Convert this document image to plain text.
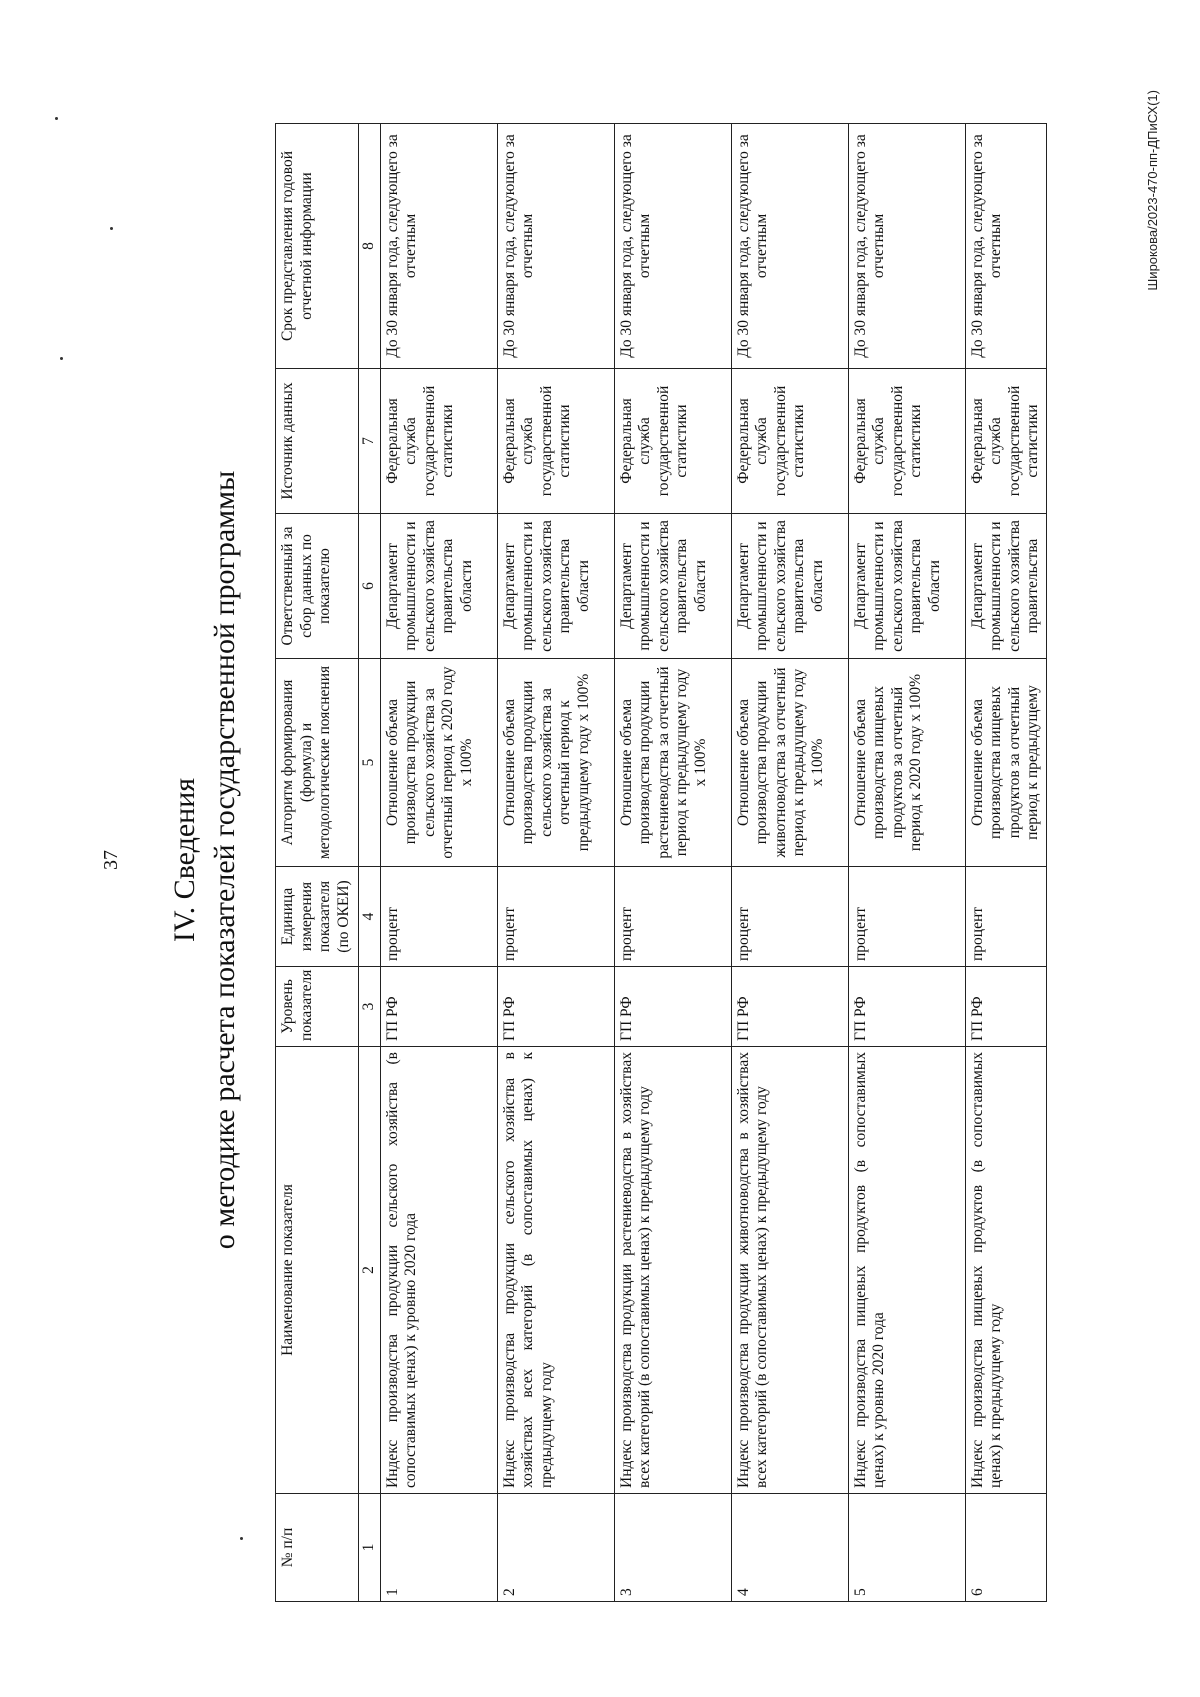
37 IV. Сведения о методике расчета показателей государственной программы
№ п/п	Наименование показателя	Уровень показателя	Единица измерения показателя (по ОКЕИ)	Алгоритм формирования (формула) и методологические пояснения	Ответственный за сбор данных по показателю	Источник данных	Срок представления годовой отчетной информации
1	2	3	4	5	6	7	8
1	Индекс производства продукции сельского хозяйства (в сопоставимых ценах) к уровню 2020 года	ГП РФ	процент	Отношение объема производства продукции сельского хозяйства за отчетный период к 2020 году х 100%	Департамент промышленности и сельского хозяйства правительства области	Федеральная служба государственной статистики	До 30 января года, следующего за отчетным
2	Индекс производства продукции сельского хозяйства в хозяйствах всех категорий (в сопоставимых ценах) к предыдущему году	ГП РФ	процент	Отношение объема производства продукции сельского хозяйства за отчетный период к предыдущему году х 100%	Департамент промышленности и сельского хозяйства правительства области	Федеральная служба государственной статистики	До 30 января года, следующего за отчетным
3	Индекс производства продукции растениеводства в хозяйствах всех категорий (в сопоставимых ценах) к предыдущему году	ГП РФ	процент	Отношение объема производства продукции растениеводства за отчетный период к предыдущему году х 100%	Департамент промышленности и сельского хозяйства правительства области	Федеральная служба государственной статистики	До 30 января года, следующего за отчетным
4	Индекс производства продукции животноводства в хозяйствах всех категорий (в сопоставимых ценах) к предыдущему году	ГП РФ	процент	Отношение объема производства продукции животноводства за отчетный период к предыдущему году х 100%	Департамент промышленности и сельского хозяйства правительства области	Федеральная служба государственной статистики	До 30 января года, следующего за отчетным
5	Индекс производства пищевых продуктов (в сопоставимых ценах) к уровню 2020 года	ГП РФ	процент	Отношение объема производства пищевых продуктов за отчетный период к 2020 году х 100%	Департамент промышленности и сельского хозяйства правительства области	Федеральная служба государственной статистики	До 30 января года, следующего за отчетным
6	Индекс производства пищевых продуктов (в сопоставимых ценах) к предыдущему году	ГП РФ	процент	Отношение объема производства пищевых продуктов за отчетный период к предыдущему	Департамент промышленности и сельского хозяйства правительства	Федеральная служба государственной статистики	До 30 января года, следующего за отчетным	Широкова/2023-470-пп-ДПиСХ(1)
